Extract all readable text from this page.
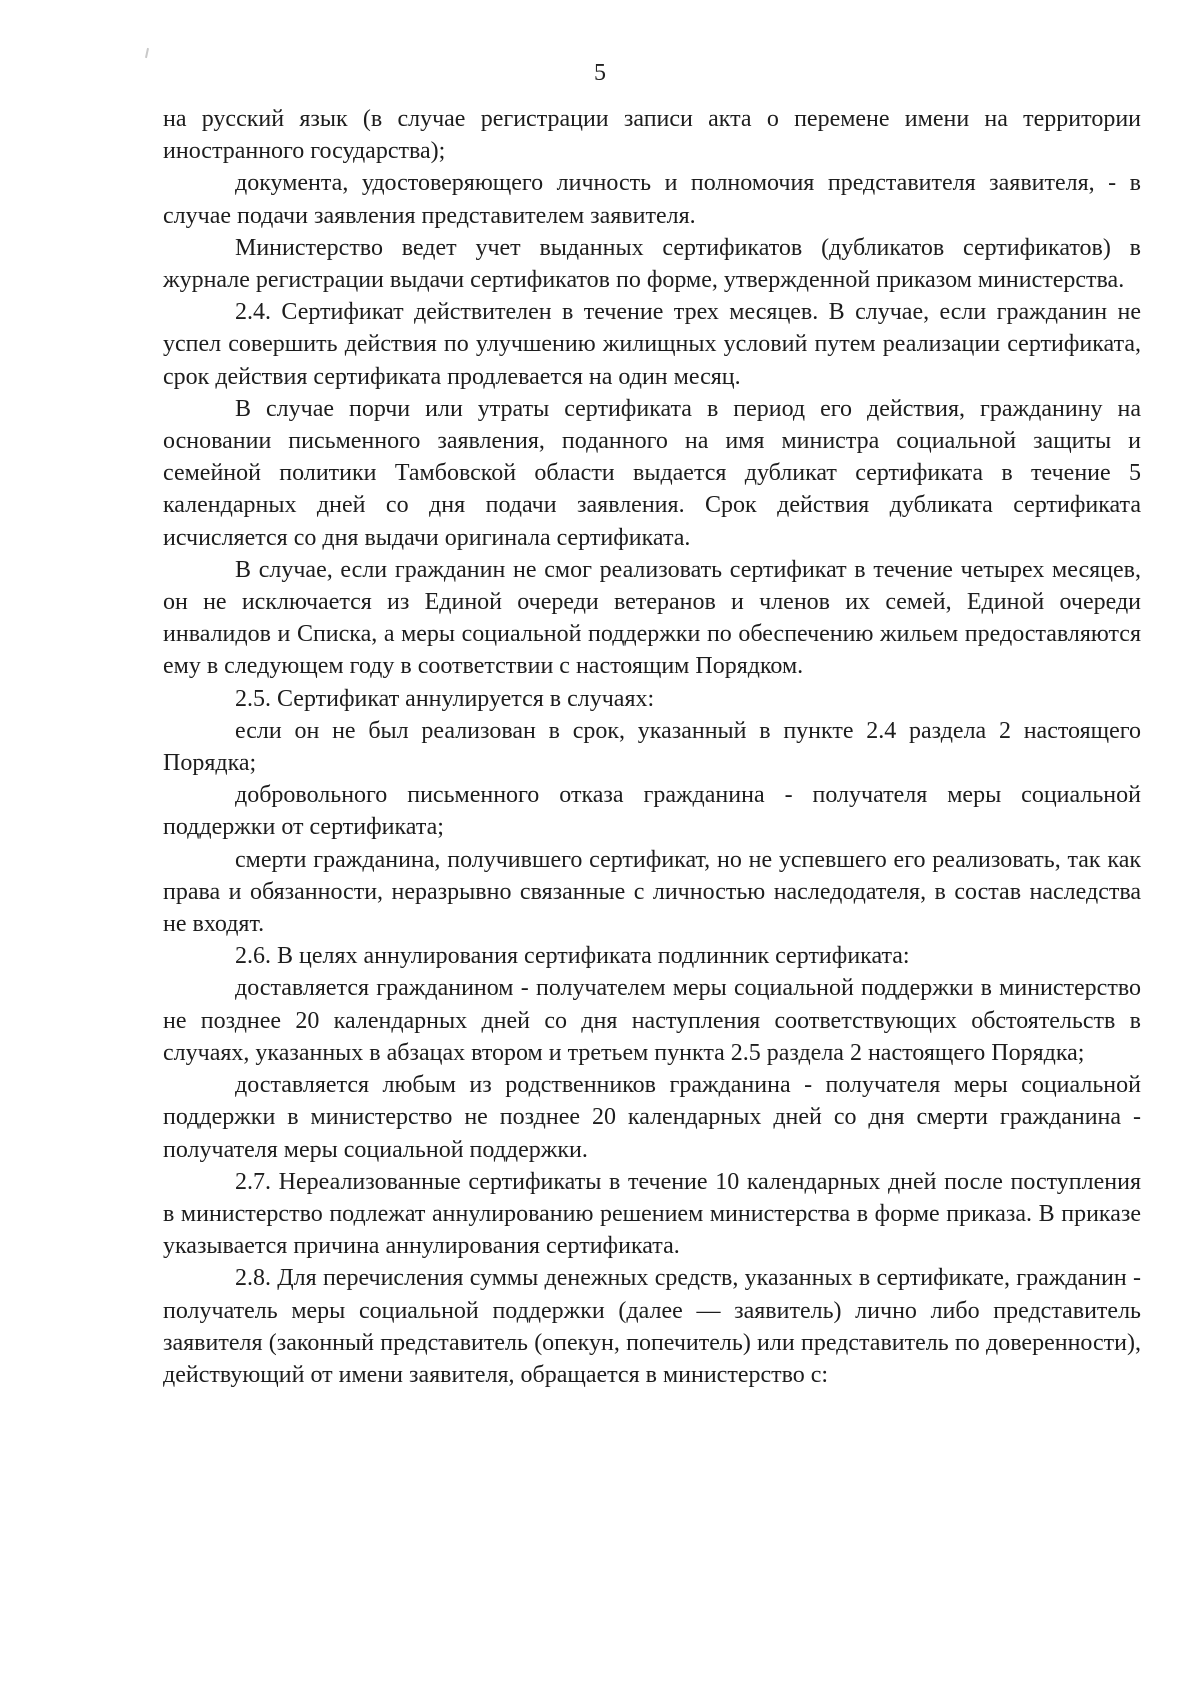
5

на русский язык (в случае регистрации записи акта о перемене имени на территории иностранного государства);

документа, удостоверяющего личность и полномочия представителя заявителя, - в случае подачи заявления представителем заявителя.

Министерство ведет учет выданных сертификатов (дубликатов сертификатов) в журнале регистрации выдачи сертификатов по форме, утвержденной приказом министерства.

2.4. Сертификат действителен в течение трех месяцев. В случае, если гражданин не успел совершить действия по улучшению жилищных условий путем реализации сертификата, срок действия сертификата продлевается на один месяц.

В случае порчи или утраты сертификата в период его действия, гражданину на основании письменного заявления, поданного на имя министра социальной защиты и семейной политики Тамбовской области выдается дубликат сертификата в течение 5 календарных дней со дня подачи заявления. Срок действия дубликата сертификата исчисляется со дня выдачи оригинала сертификата.

В случае, если гражданин не смог реализовать сертификат в течение четырех месяцев, он не исключается из Единой очереди ветеранов и членов их семей, Единой очереди инвалидов и Списка, а меры социальной поддержки по обеспечению жильем предоставляются ему в следующем году в соответствии с настоящим Порядком.

2.5. Сертификат аннулируется в случаях:

если он не был реализован в срок, указанный в пункте 2.4 раздела 2 настоящего Порядка;

добровольного письменного отказа гражданина - получателя меры социальной поддержки от сертификата;

смерти гражданина, получившего сертификат, но не успевшего его реализовать, так как права и обязанности, неразрывно связанные с личностью наследодателя, в состав наследства не входят.

2.6. В целях аннулирования сертификата подлинник сертификата:

доставляется гражданином - получателем меры социальной поддержки в министерство не позднее 20 календарных дней со дня наступления соответствующих обстоятельств в случаях, указанных в абзацах втором и третьем пункта 2.5 раздела 2 настоящего Порядка;

доставляется любым из родственников гражданина - получателя меры социальной поддержки в министерство не позднее 20 календарных дней со дня смерти гражданина - получателя меры социальной поддержки.

2.7. Нереализованные сертификаты в течение 10 календарных дней после поступления в министерство подлежат аннулированию решением министерства в форме приказа. В приказе указывается причина аннулирования сертификата.

2.8. Для перечисления суммы денежных средств, указанных в сертификате, гражданин - получатель меры социальной поддержки (далее — заявитель) лично либо представитель заявителя (законный представитель (опекун, попечитель) или представитель по доверенности), действующий от имени заявителя, обращается в министерство с:
